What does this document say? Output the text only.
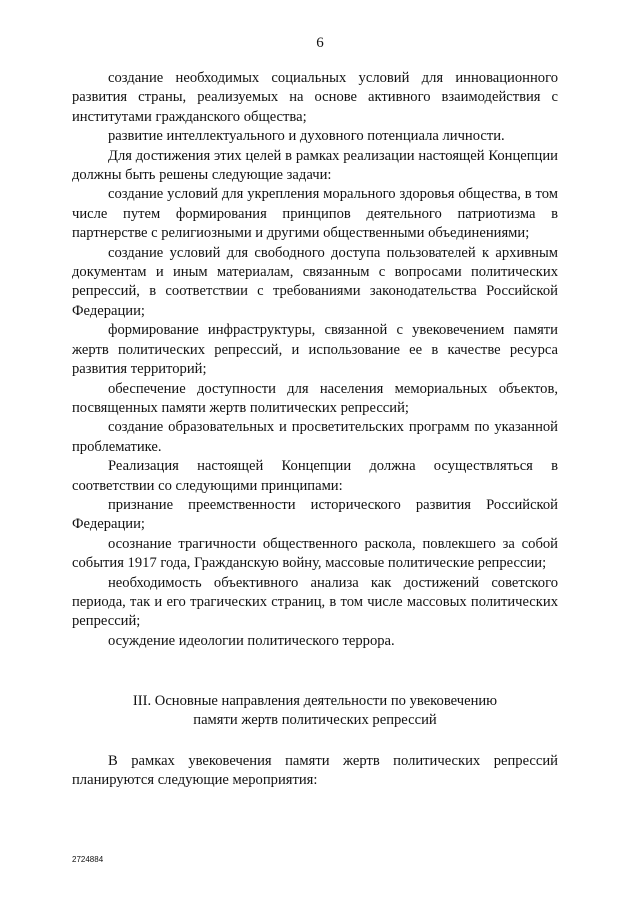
6

создание необходимых социальных условий для инновационного развития страны, реализуемых на основе активного взаимодействия с институтами гражданского общества;

развитие интеллектуального и духовного потенциала личности.

Для достижения этих целей в рамках реализации настоящей Концепции должны быть решены следующие задачи:

создание условий для укрепления морального здоровья общества, в том числе путем формирования принципов деятельного патриотизма в партнерстве с религиозными и другими общественными объединениями;

создание условий для свободного доступа пользователей к архивным документам и иным материалам, связанным с вопросами политических репрессий, в соответствии с требованиями законодательства Российской Федерации;

формирование инфраструктуры, связанной с увековечением памяти жертв политических репрессий, и использование ее в качестве ресурса развития территорий;

обеспечение доступности для населения мемориальных объектов, посвященных памяти жертв политических репрессий;

создание образовательных и просветительских программ по указанной проблематике.

Реализация настоящей Концепции должна осуществляться в соответствии со следующими принципами:

признание преемственности исторического развития Российской Федерации;

осознание трагичности общественного раскола, повлекшего за собой события 1917 года, Гражданскую войну, массовые политические репрессии;

необходимость объективного анализа как достижений советского периода, так и его трагических страниц, в том числе массовых политических репрессий;

осуждение идеологии политического террора.

III. Основные направления деятельности по увековечению
памяти жертв политических репрессий

В рамках увековечения памяти жертв политических репрессий планируются следующие мероприятия:

2724884
